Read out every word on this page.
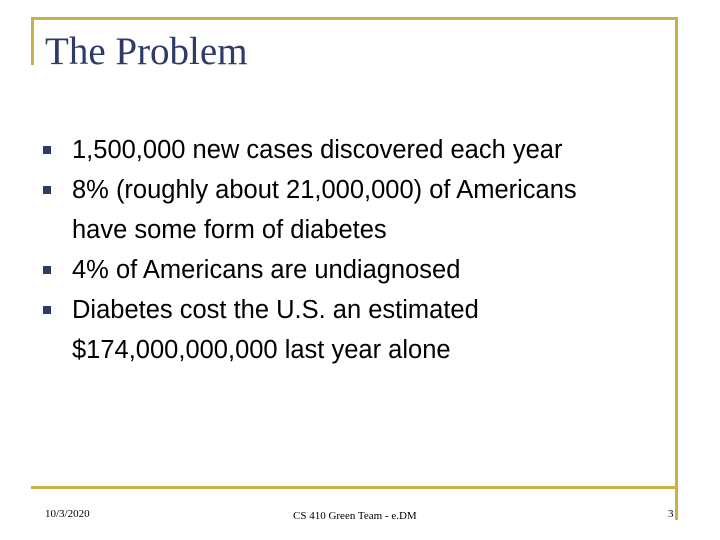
The Problem
1,500,000 new cases discovered each year
8% (roughly about 21,000,000) of Americans
have some form of diabetes
4% of Americans are undiagnosed
Diabetes cost the U.S. an estimated
$174,000,000,000 last year alone
10/3/2020	CS 410 Green Team - e.DM	3
